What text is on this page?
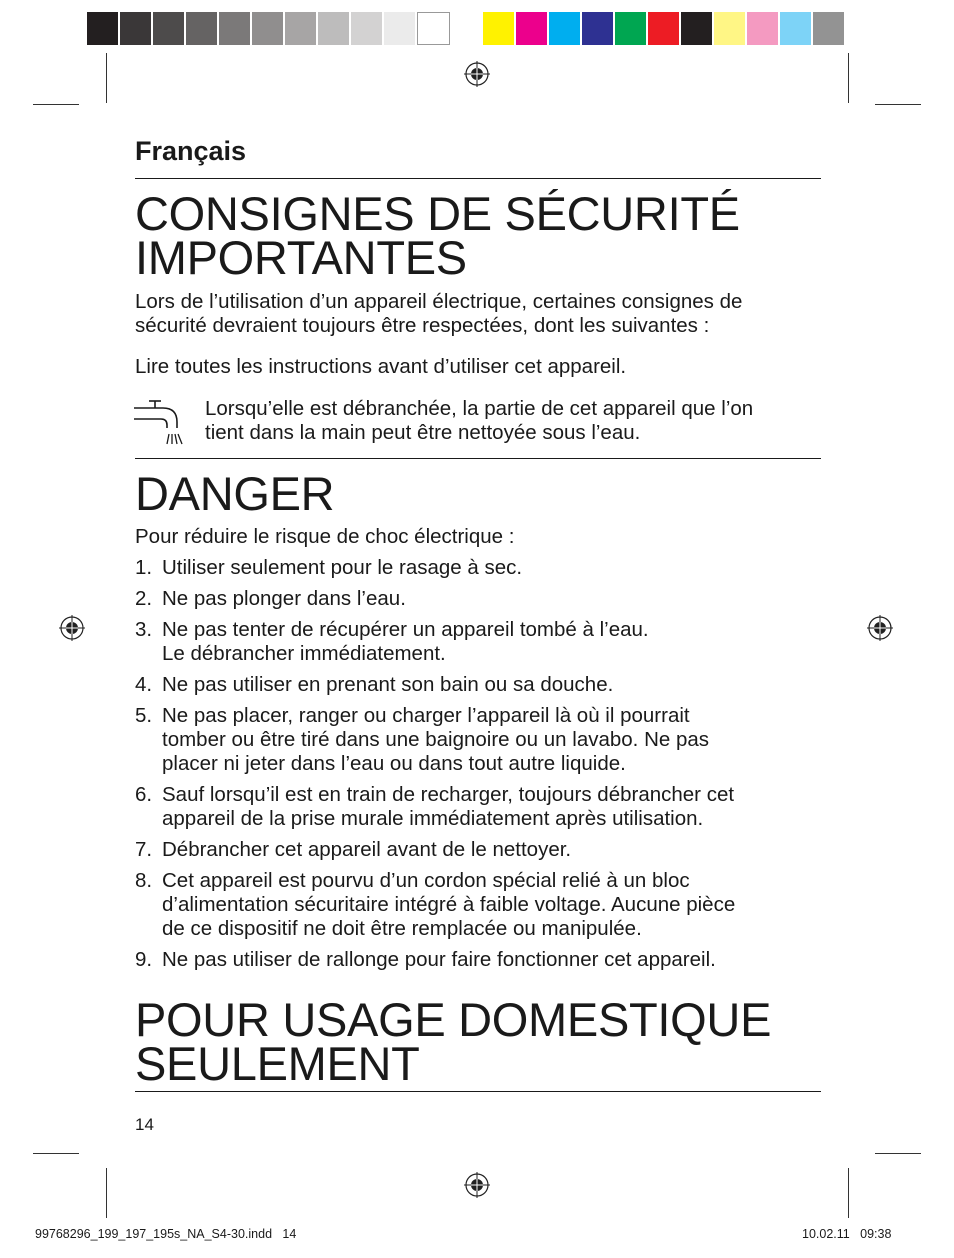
Français
CONSIGNES DE SÉCURITÉ
IMPORTANTES
Lors de l’utilisation d’un appareil électrique, certaines consignes de
sécurité devraient toujours être respectées, dont les suivantes :
Lire toutes les instructions avant d’utiliser cet appareil.
Lorsqu’elle est débranchée, la partie de cet appareil que l’on
tient dans la main peut être nettoyée sous l’eau.
DANGER
Pour réduire le risque de choc électrique :
1. Utiliser seulement pour le rasage à sec.
2. Ne pas plonger dans l’eau.
3. Ne pas tenter de récupérer un appareil tombé à l’eau.
Le débrancher immédiatement.
4. Ne pas utiliser en prenant son bain ou sa douche.
5. Ne pas placer, ranger ou charger l’appareil là où il pourrait
tomber ou être tiré dans une baignoire ou un lavabo. Ne pas
placer ni jeter dans l’eau ou dans tout autre liquide.
6. Sauf lorsqu’il est en train de recharger, toujours débrancher cet
appareil de la prise murale immédiatement après utilisation.
7. Débrancher cet appareil avant de le nettoyer.
8. Cet appareil est pourvu d’un cordon spécial relié à un bloc
d’alimentation sécuritaire intégré à faible voltage. Aucune pièce
de ce dispositif ne doit être remplacée ou manipulée.
9. Ne pas utiliser de rallonge pour faire fonctionner cet appareil.
POUR USAGE DOMESTIQUE
SEULEMENT
14
99768296_199_197_195s_NA_S4-30.indd   14	10.02.11   09:38
